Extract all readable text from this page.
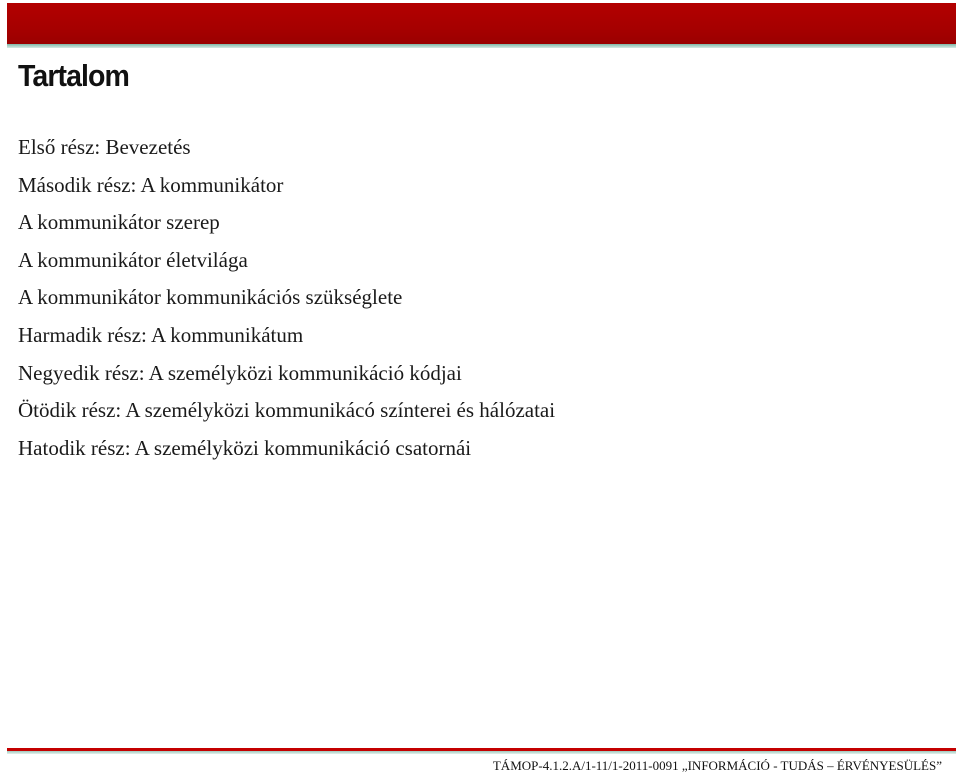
Tartalom
Első rész: Bevezetés
Második rész: A kommunikátor
A kommunikátor szerep
A kommunikátor életvilága
A kommunikátor kommunikációs szükséglete
Harmadik rész: A kommunikátum
Negyedik rész: A személyközi kommunikáció kódjai
Ötödik rész: A személyközi kommunikácó színterei és hálózatai
Hatodik rész: A személyközi kommunikáció csatornái
TÁMOP-4.1.2.A/1-11/1-2011-0091 „INFORMÁCIÓ - TUDÁS – ÉRVÉNYESÜLÉS”
